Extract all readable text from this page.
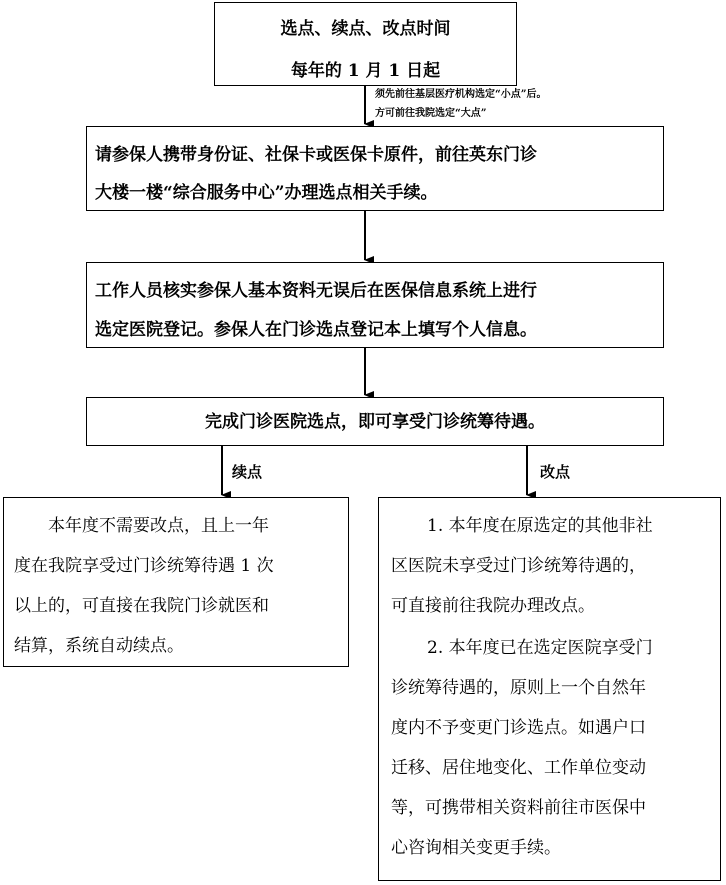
选点、续点、改点时间
每年的 1 月 1 日起
须先前往基层医疗机构选定“小点”后。
方可前往我院选定“大点”
请参保人携带身份证、社保卡或医保卡原件，前往英东门诊
大楼一楼“综合服务中心”办理选点相关手续。
工作人员核实参保人基本资料无误后在医保信息系统上进行
选定医院登记。参保人在门诊选点登记本上填写个人信息。
完成门诊医院选点，即可享受门诊统筹待遇。
续点	改点
本年度不需要改点，且上一年
度在我院享受过门诊统筹待遇 1 次
以上的，可直接在我院门诊就医和
结算，系统自动续点。
1. 本年度在原选定的其他非社
区医院未享受过门诊统筹待遇的，
可直接前往我院办理改点。
2. 本年度已在选定医院享受门
诊统筹待遇的，原则上一个自然年
度内不予变更门诊选点。如遇户口
迁移、居住地变化、工作单位变动
等，可携带相关资料前往市医保中
心咨询相关变更手续。
